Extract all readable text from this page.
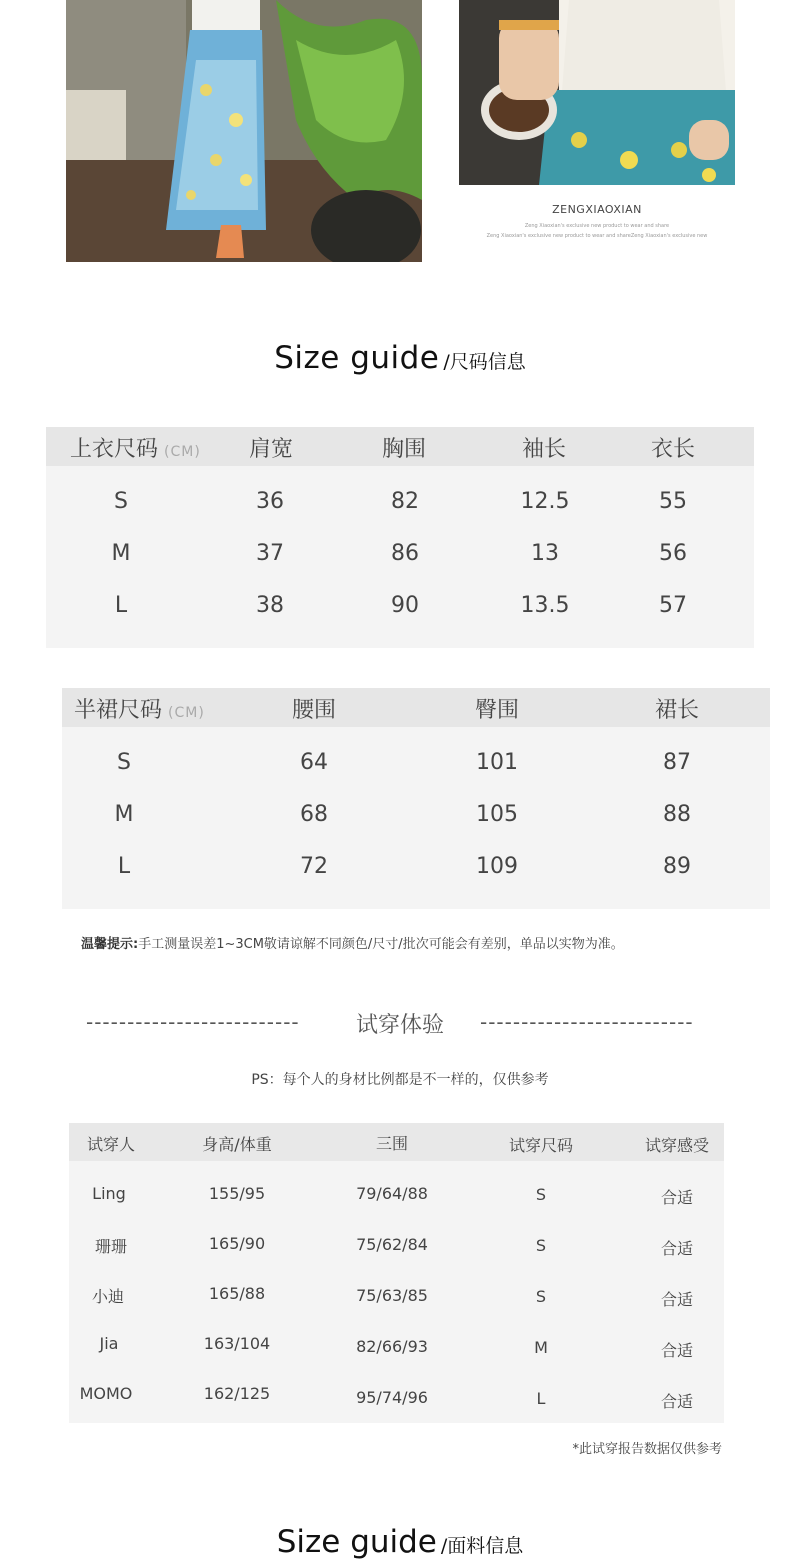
ZENGXIAOXIAN
Zeng Xiaoxian's exclusive new product to wear and share
Zeng Xiaoxian's exclusive new product to wear and shareZeng Xiaoxian's exclusive new
Size guide /尺码信息
上衣尺码 (CM) 肩宽	胸围	袖长	衣长
S	36	82	12.5	55
M	37	86	13	56
L	38	90	13.5	57
半裙尺码 (CM)	腰围	臀围	裙长
S	64	101	87
M	68	105	88
L	72	109	89
温馨提示:手工测量误差1~3CM敬请谅解不同颜色/尺寸/批次可能会有差别，单品以实物为准。
--------------------------	试穿体验 --------------------------
PS：每个人的身材比例都是不一样的，仅供参考
试穿人	身高/体重	三围	试穿尺码	试穿感受
Ling	155/95	79/64/88	S	合适
珊珊	165/90	75/62/84	S	合适
小迪	165/88	75/63/85	S	合适
Jia	163/104	82/66/93	M	合适
MOMO	162/125	95/74/96	L	合适
*此试穿报告数据仅供参考
Size guide /面料信息
